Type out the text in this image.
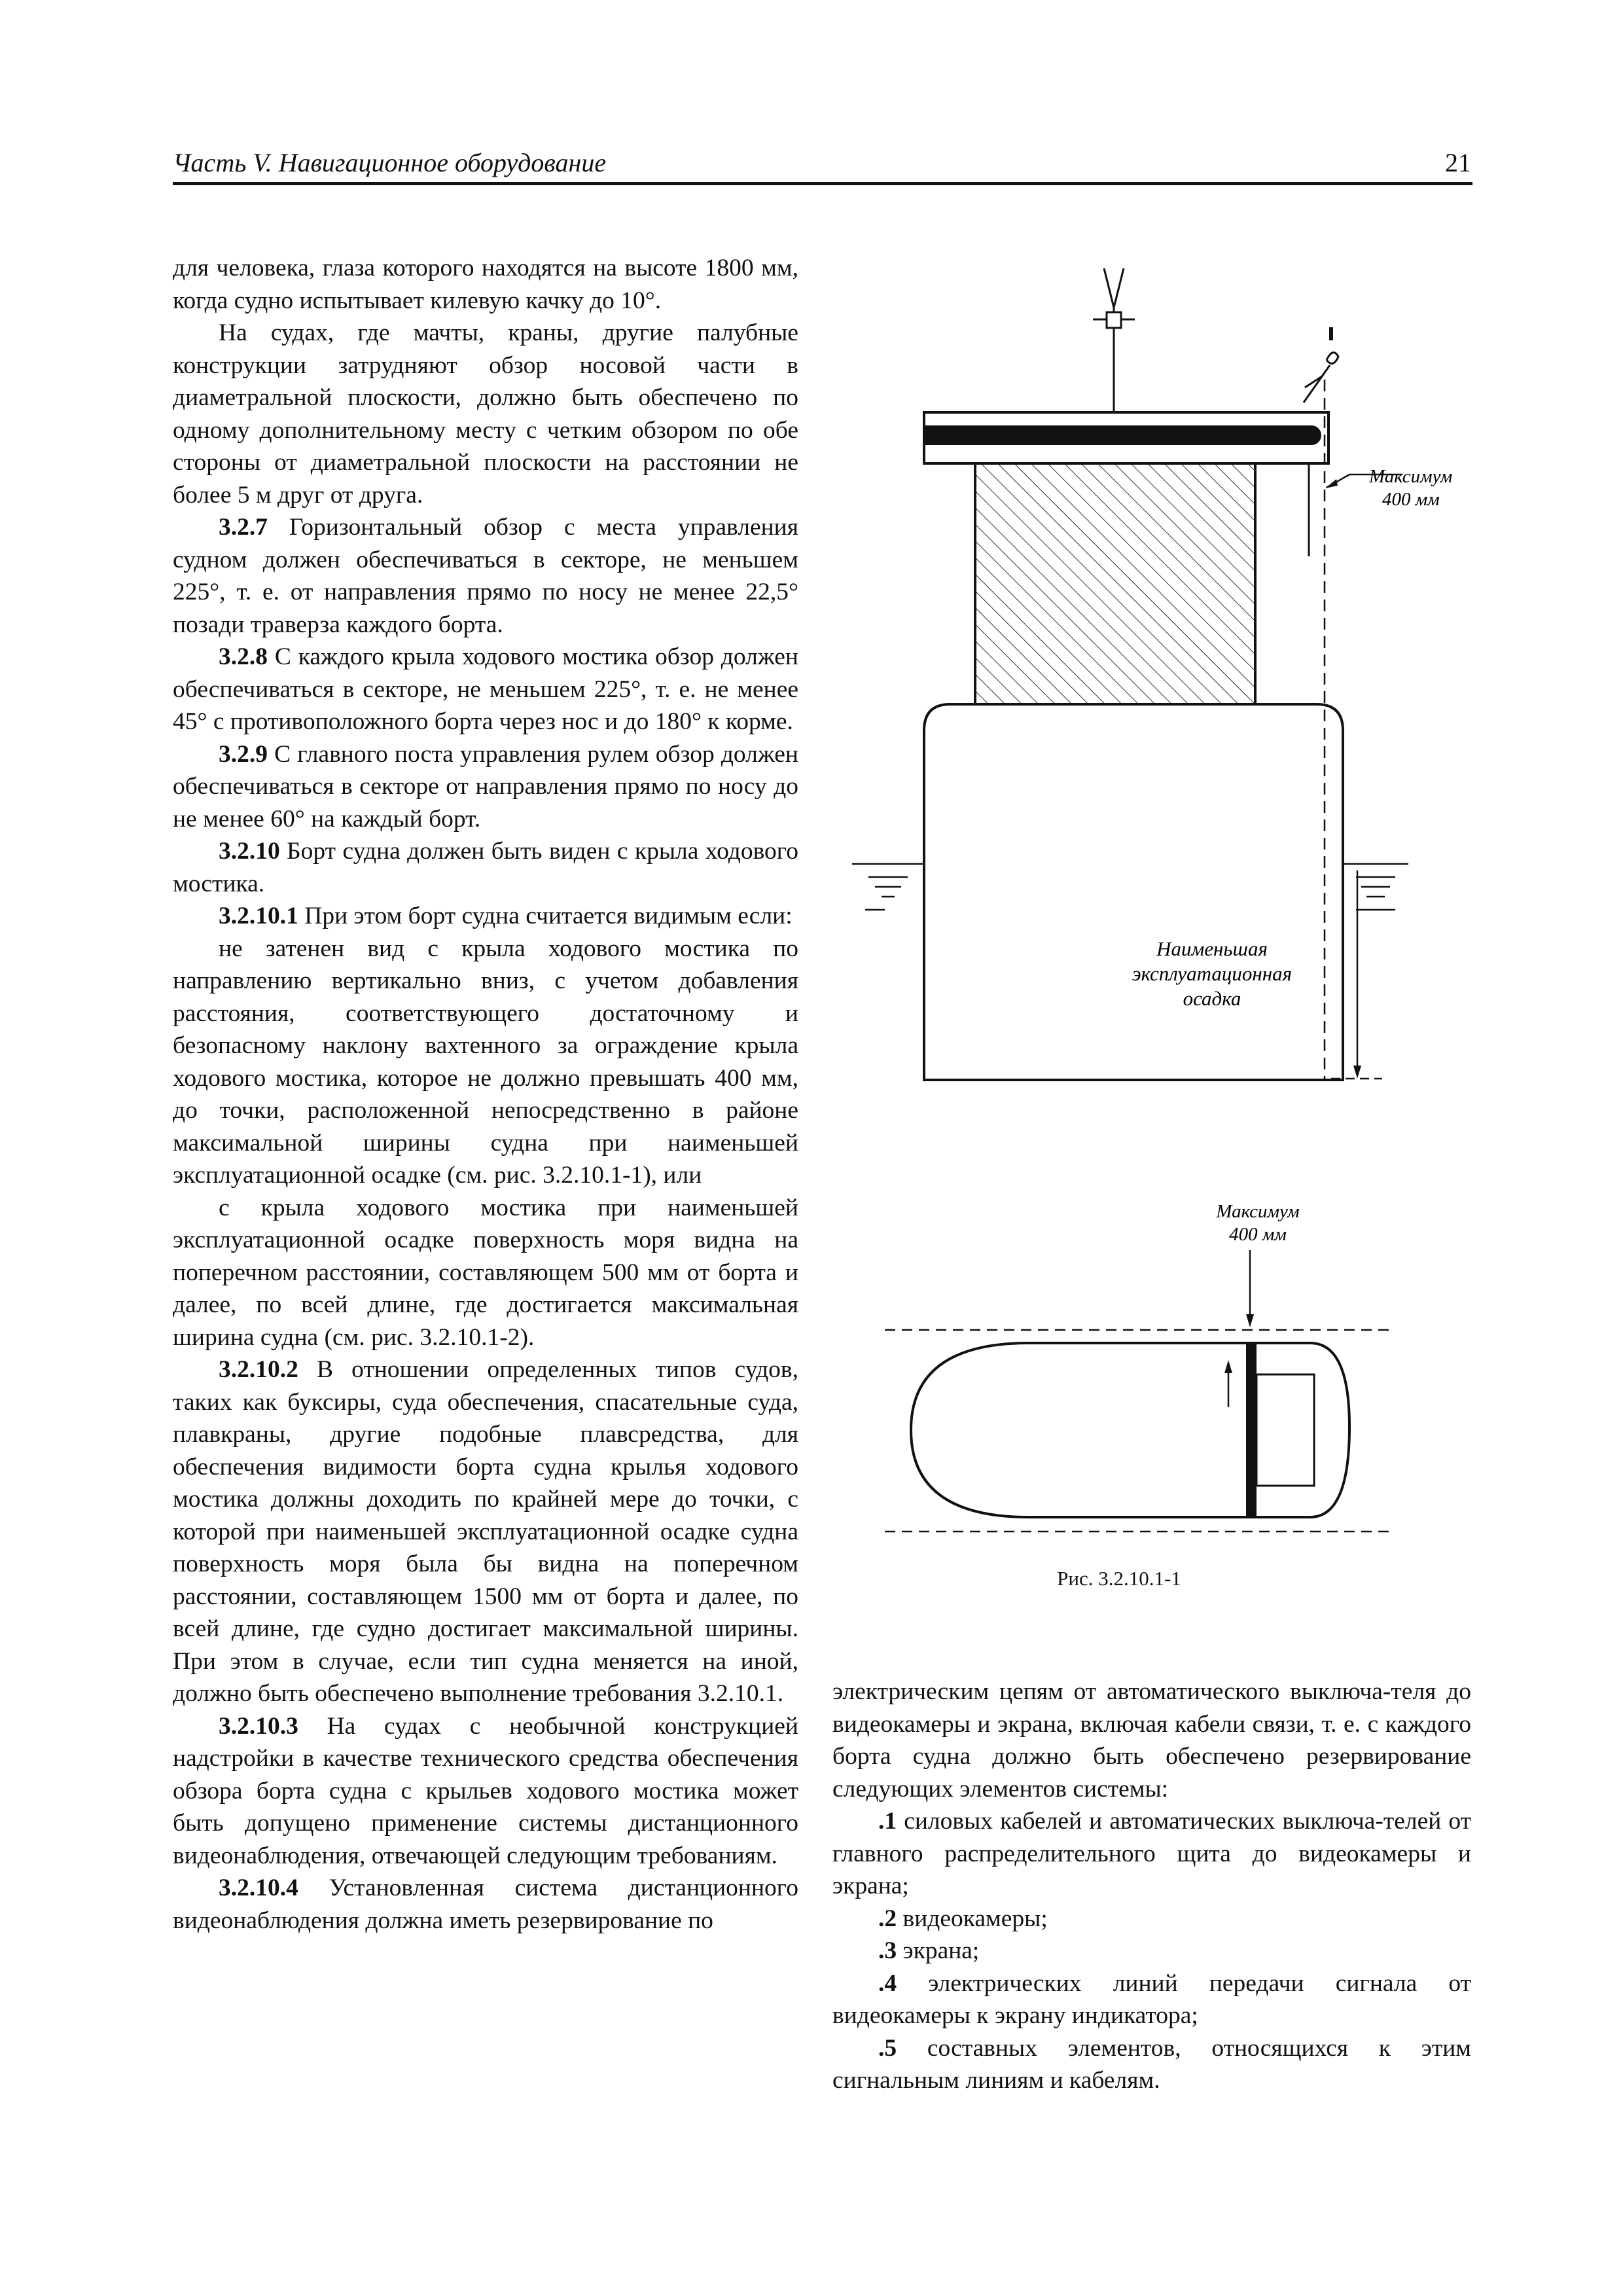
Часть V. Навигационное оборудование	21

для человека, глаза которого находятся на высоте 1800 мм, когда судно испытывает килевую качку до 10°.

На судах, где мачты, краны, другие палубные конструкции затрудняют обзор носовой части в диаметральной плоскости, должно быть обеспечено по одному дополнительному месту с четким обзором по обе стороны от диаметральной плоскости на расстоянии не более 5 м друг от друга.

3.2.7 Горизонтальный обзор с места управления судном должен обеспечиваться в секторе, не меньшем 225°, т. е. от направления прямо по носу не менее 22,5° позади траверза каждого борта.

3.2.8 С каждого крыла ходового мостика обзор должен обеспечиваться в секторе, не меньшем 225°, т. е. не менее 45° с противоположного борта через нос и до 180° к корме.

3.2.9 С главного поста управления рулем обзор должен обеспечиваться в секторе от направления прямо по носу до не менее 60° на каждый борт.

3.2.10 Борт судна должен быть виден с крыла ходового мостика.

3.2.10.1 При этом борт судна считается видимым если:

не затенен вид с крыла ходового мостика по направлению вертикально вниз, с учетом добавления расстояния, соответствующего достаточному и безопасному наклону вахтенного за ограждение крыла ходового мостика, которое не должно превышать 400 мм, до точки, расположенной непосредственно в районе максимальной ширины судна при наименьшей эксплуатационной осадке (см. рис. 3.2.10.1-1), или

с крыла ходового мостика при наименьшей эксплуатационной осадке поверхность моря видна на поперечном расстоянии, составляющем 500 мм от борта и далее, по всей длине, где достигается максимальная ширина судна (см. рис. 3.2.10.1-2).

3.2.10.2 В отношении определенных типов судов, таких как буксиры, суда обеспечения, спасательные суда, плавкраны, другие подобные плавсредства, для обеспечения видимости борта судна крылья ходового мостика должны доходить по крайней мере до точки, с которой при наименьшей эксплуатационной осадке судна поверхность моря была бы видна на поперечном расстоянии, составляющем 1500 мм от борта и далее, по всей длине, где судно достигает максимальной ширины. При этом в случае, если тип судна меняется на иной, должно быть обеспечено выполнение требования 3.2.10.1.

3.2.10.3 На судах с необычной конструкцией надстройки в качестве технического средства обеспечения обзора борта судна с крыльев ходового мостика может быть допущено применение системы дистанционного видеонаблюдения, отвечающей следующим требованиям.

3.2.10.4 Установленная система дистанционного видеонаблюдения должна иметь резервирование по

Максимум
400 мм
Наименьшая
эксплуатационная
осадка
Максимум
400 мм
Рис. 3.2.10.1-1

электрическим цепям от автоматического выключа-теля до видеокамеры и экрана, включая кабели связи, т. е. с каждого борта судна должно быть обеспечено резервирование следующих элементов системы:

.1 силовых кабелей и автоматических выключа-телей от главного распределительного щита до видеокамеры и экрана;

.2 видеокамеры;

.3 экрана;

.4 электрических линий передачи сигнала от видеокамеры к экрану индикатора;

.5 составных элементов, относящихся к этим сигнальным линиям и кабелям.
